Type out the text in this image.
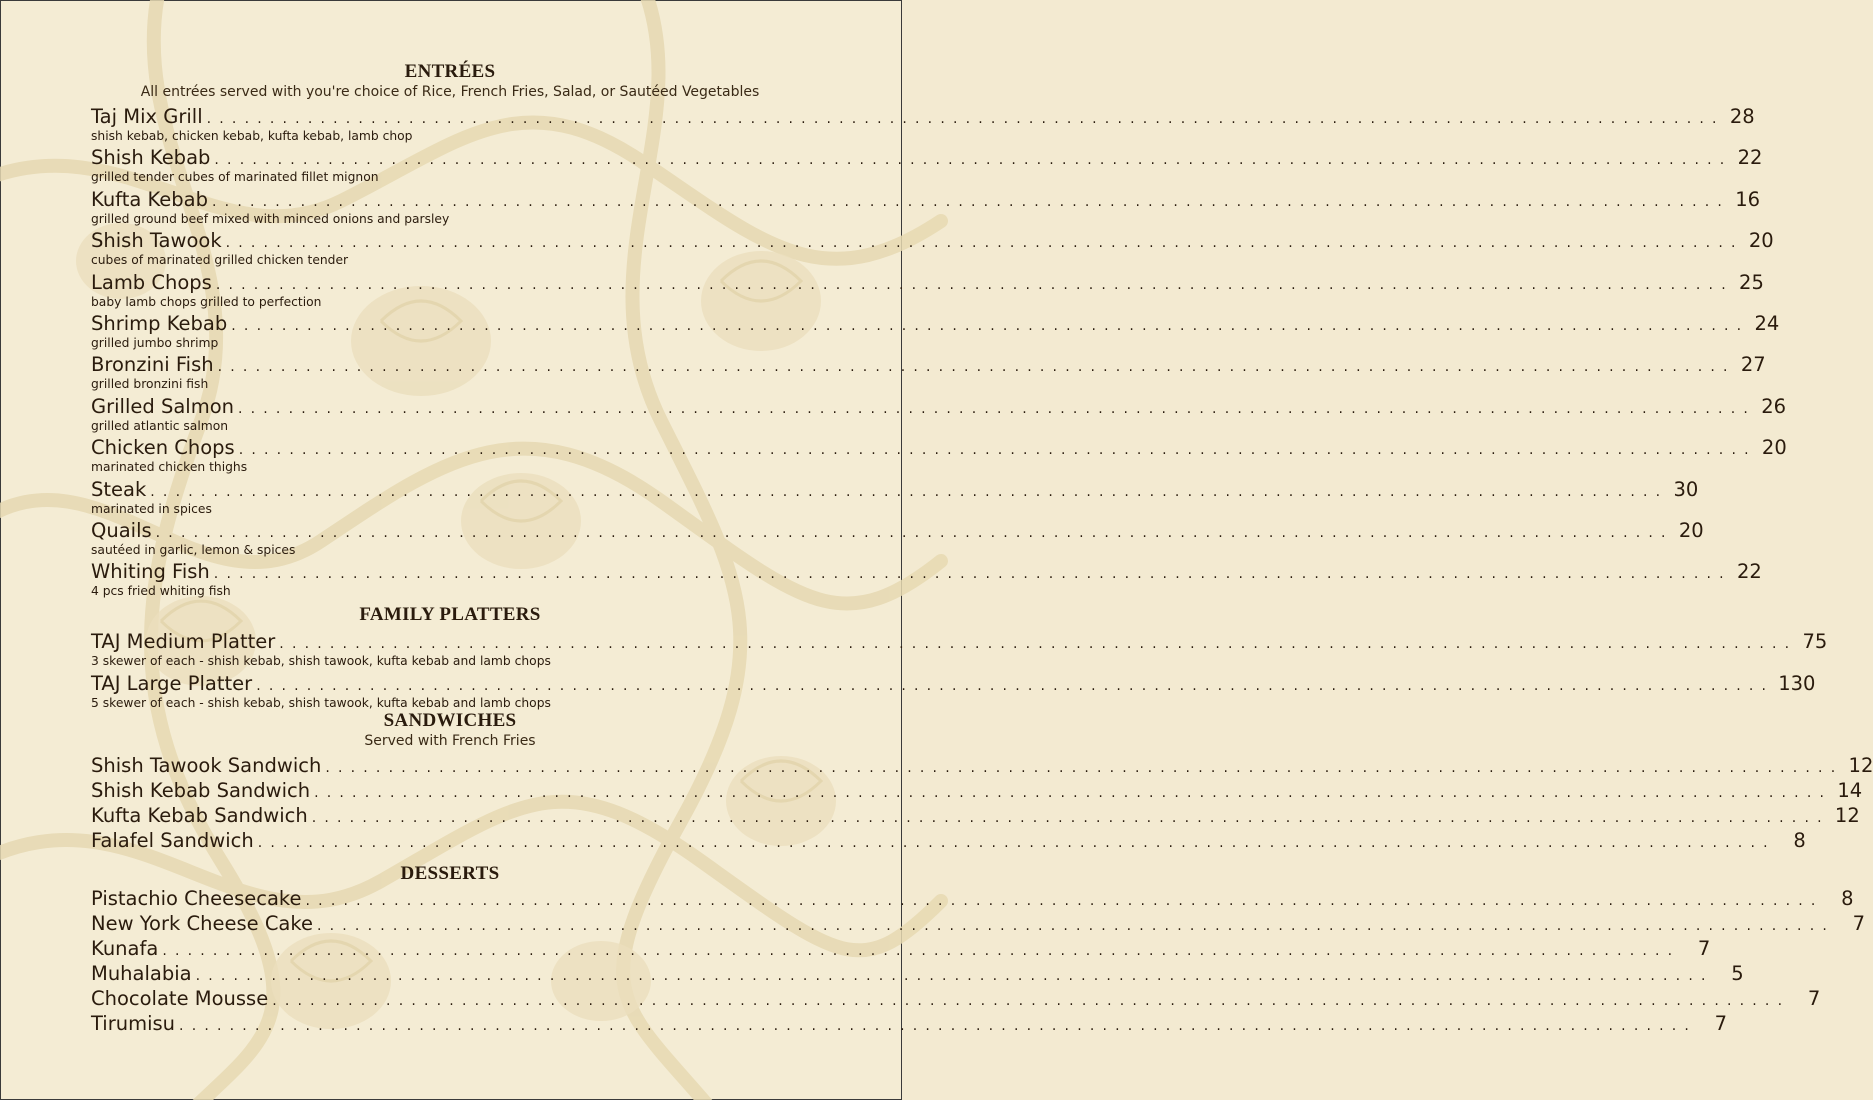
ENTRÉES
All entrées served with you're choice of Rice, French Fries, Salad, or Sautéed Vegetables
Taj Mix Grill ........................................................................................................................ 28
shish kebab, chicken kebab, kufta kebab, lamb chop
Shish Kebab ........................................................................................................................ 22
grilled tender cubes of marinated fillet mignon
Kufta Kebab ........................................................................................................................ 16
grilled ground beef mixed with minced onions and parsley
Shish Tawook ........................................................................................................................ 20
cubes of marinated grilled chicken tender
Lamb Chops ........................................................................................................................ 25
baby lamb chops grilled to perfection
Shrimp Kebab ........................................................................................................................ 24
grilled jumbo shrimp
Bronzini Fish ........................................................................................................................ 27
grilled bronzini fish
Grilled Salmon ........................................................................................................................ 26
grilled atlantic salmon
Chicken Chops ........................................................................................................................ 20
marinated chicken thighs
Steak ........................................................................................................................ 30
marinated in spices
Quails ........................................................................................................................ 20
sautéed in garlic, lemon & spices
Whiting Fish ........................................................................................................................ 22
4 pcs fried whiting fish
FAMILY PLATTERS
TAJ Medium Platter ........................................................................................................................ 75
3 skewer of each - shish kebab, shish tawook, kufta kebab and lamb chops
TAJ Large Platter ........................................................................................................................ 130
5 skewer of each - shish kebab, shish tawook, kufta kebab and lamb chops
SANDWICHES
Served with French Fries
Shish Tawook Sandwich ........................................................................................................................ 12
Shish Kebab Sandwich ........................................................................................................................ 14
Kufta Kebab Sandwich ........................................................................................................................ 12
Falafel Sandwich ........................................................................................................................ 8
DESSERTS
Pistachio Cheesecake ........................................................................................................................ 8
New York Cheese Cake ........................................................................................................................ 7
Kunafa ........................................................................................................................ 7
Muhalabia ........................................................................................................................ 5
Chocolate Mousse ........................................................................................................................ 7
Tirumisu ........................................................................................................................ 7
